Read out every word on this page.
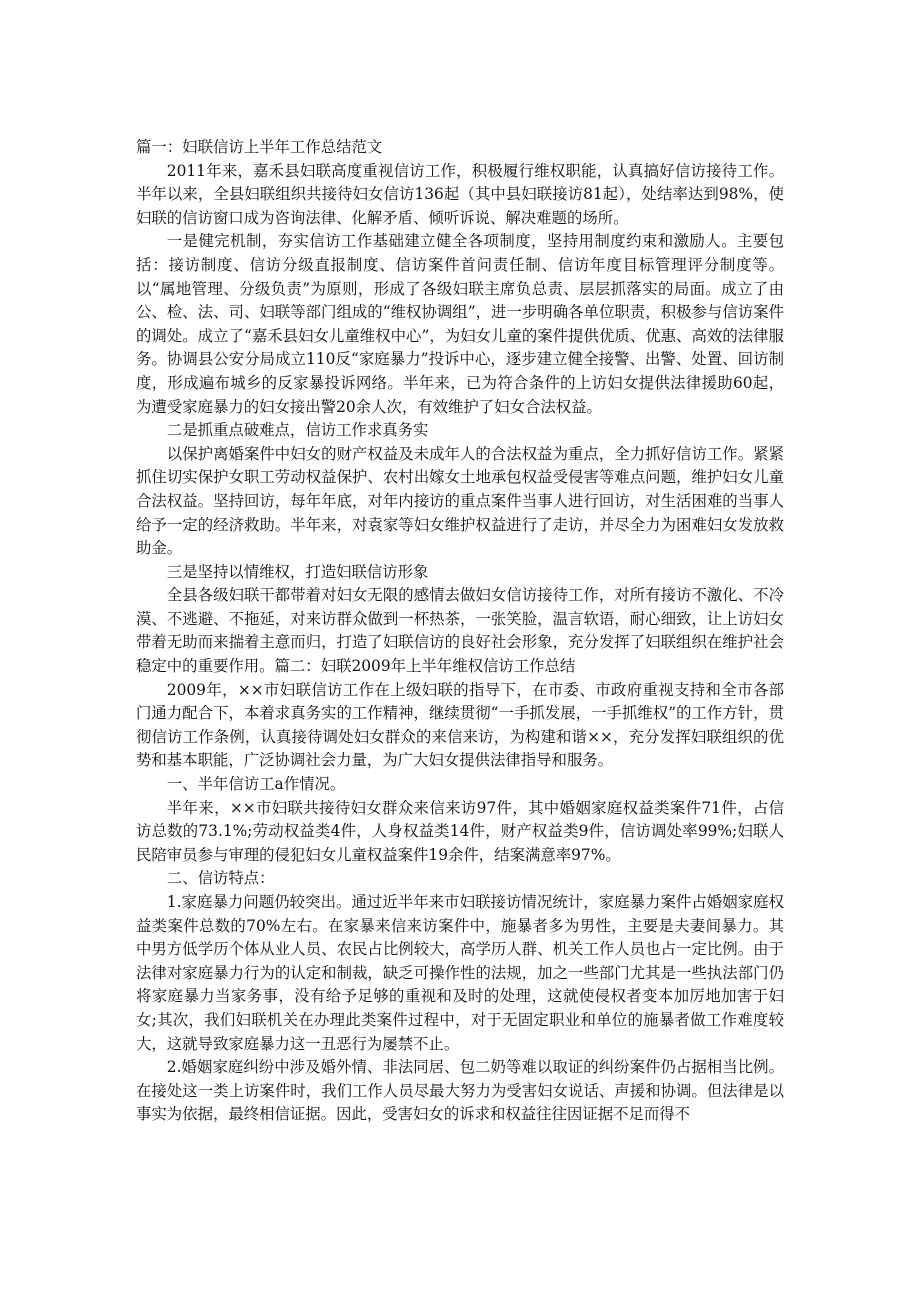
篇一：妇联信访上半年工作总结范文

2011年来，嘉禾县妇联高度重视信访工作，积极履行维权职能，认真搞好信访接待工作。半年以来，全县妇联组织共接待妇女信访136起（其中县妇联接访81起），处结率达到98%，使妇联的信访窗口成为咨询法律、化解矛盾、倾听诉说、解决难题的场所。

一是健完机制，夯实信访工作基础建立健全各项制度，坚持用制度约束和激励人。主要包括：接访制度、信访分级直报制度、信访案件首问责任制、信访年度目标管理评分制度等。以“属地管理、分级负责”为原则，形成了各级妇联主席负总责、层层抓落实的局面。成立了由公、检、法、司、妇联等部门组成的“维权协调组”，进一步明确各单位职责，积极参与信访案件的调处。成立了“嘉禾县妇女儿童维权中心”，为妇女儿童的案件提供优质、优惠、高效的法律服务。协调县公安分局成立110反“家庭暴力”投诉中心，逐步建立健全接警、出警、处置、回访制度，形成遍布城乡的反家暴投诉网络。半年来，已为符合条件的上访妇女提供法律援助60起，为遭受家庭暴力的妇女接出警20余人次，有效维护了妇女合法权益。

二是抓重点破难点，信访工作求真务实

以保护离婚案件中妇女的财产权益及未成年人的合法权益为重点，全力抓好信访工作。紧紧抓住切实保护女职工劳动权益保护、农村出嫁女土地承包权益受侵害等难点问题，维护妇女儿童合法权益。坚持回访，每年年底，对年内接访的重点案件当事人进行回访，对生活困难的当事人给予一定的经济救助。半年来，对袁家等妇女维护权益进行了走访，并尽全力为困难妇女发放救助金。

三是坚持以情维权，打造妇联信访形象

全县各级妇联干都带着对妇女无限的感情去做妇女信访接待工作，对所有接访不激化、不冷漠、不逃避、不拖延，对来访群众做到一杯热茶，一张笑脸，温言软语，耐心细致，让上访妇女带着无助而来揣着主意而归，打造了妇联信访的良好社会形象，充分发挥了妇联组织在维护社会稳定中的重要作用。篇二：妇联2009年上半年维权信访工作总结

2009年，××市妇联信访工作在上级妇联的指导下，在市委、市政府重视支持和全市各部门通力配合下，本着求真务实的工作精神，继续贯彻“一手抓发展，一手抓维权”的工作方针，贯彻信访工作条例，认真接待调处妇女群众的来信来访，为构建和谐××，充分发挥妇联组织的优势和基本职能，广泛协调社会力量，为广大妇女提供法律指导和服务。

一、半年信访工a作情况。

半年来，××市妇联共接待妇女群众来信来访97件，其中婚姻家庭权益类案件71件，占信访总数的73.1%;劳动权益类4件，人身权益类14件，财产权益类9件，信访调处率99%;妇联人民陪审员参与审理的侵犯妇女儿童权益案件19余件，结案满意率97%。

二、信访特点：

1.家庭暴力问题仍较突出。通过近半年来市妇联接访情况统计，家庭暴力案件占婚姻家庭权益类案件总数的70%左右。在家暴来信来访案件中，施暴者多为男性，主要是夫妻间暴力。其中男方低学历个体从业人员、农民占比例较大，高学历人群、机关工作人员也占一定比例。由于法律对家庭暴力行为的认定和制裁，缺乏可操作性的法规，加之一些部门尤其是一些执法部门仍将家庭暴力当家务事，没有给予足够的重视和及时的处理，这就使侵权者变本加厉地加害于妇女;其次，我们妇联机关在办理此类案件过程中，对于无固定职业和单位的施暴者做工作难度较大，这就导致家庭暴力这一丑恶行为屡禁不止。

2.婚姻家庭纠纷中涉及婚外情、非法同居、包二奶等难以取证的纠纷案件仍占据相当比例。在接处这一类上访案件时，我们工作人员尽最大努力为受害妇女说话、声援和协调。但法律是以事实为依据，最终相信证据。因此，受害妇女的诉求和权益往往因证据不足而得不
